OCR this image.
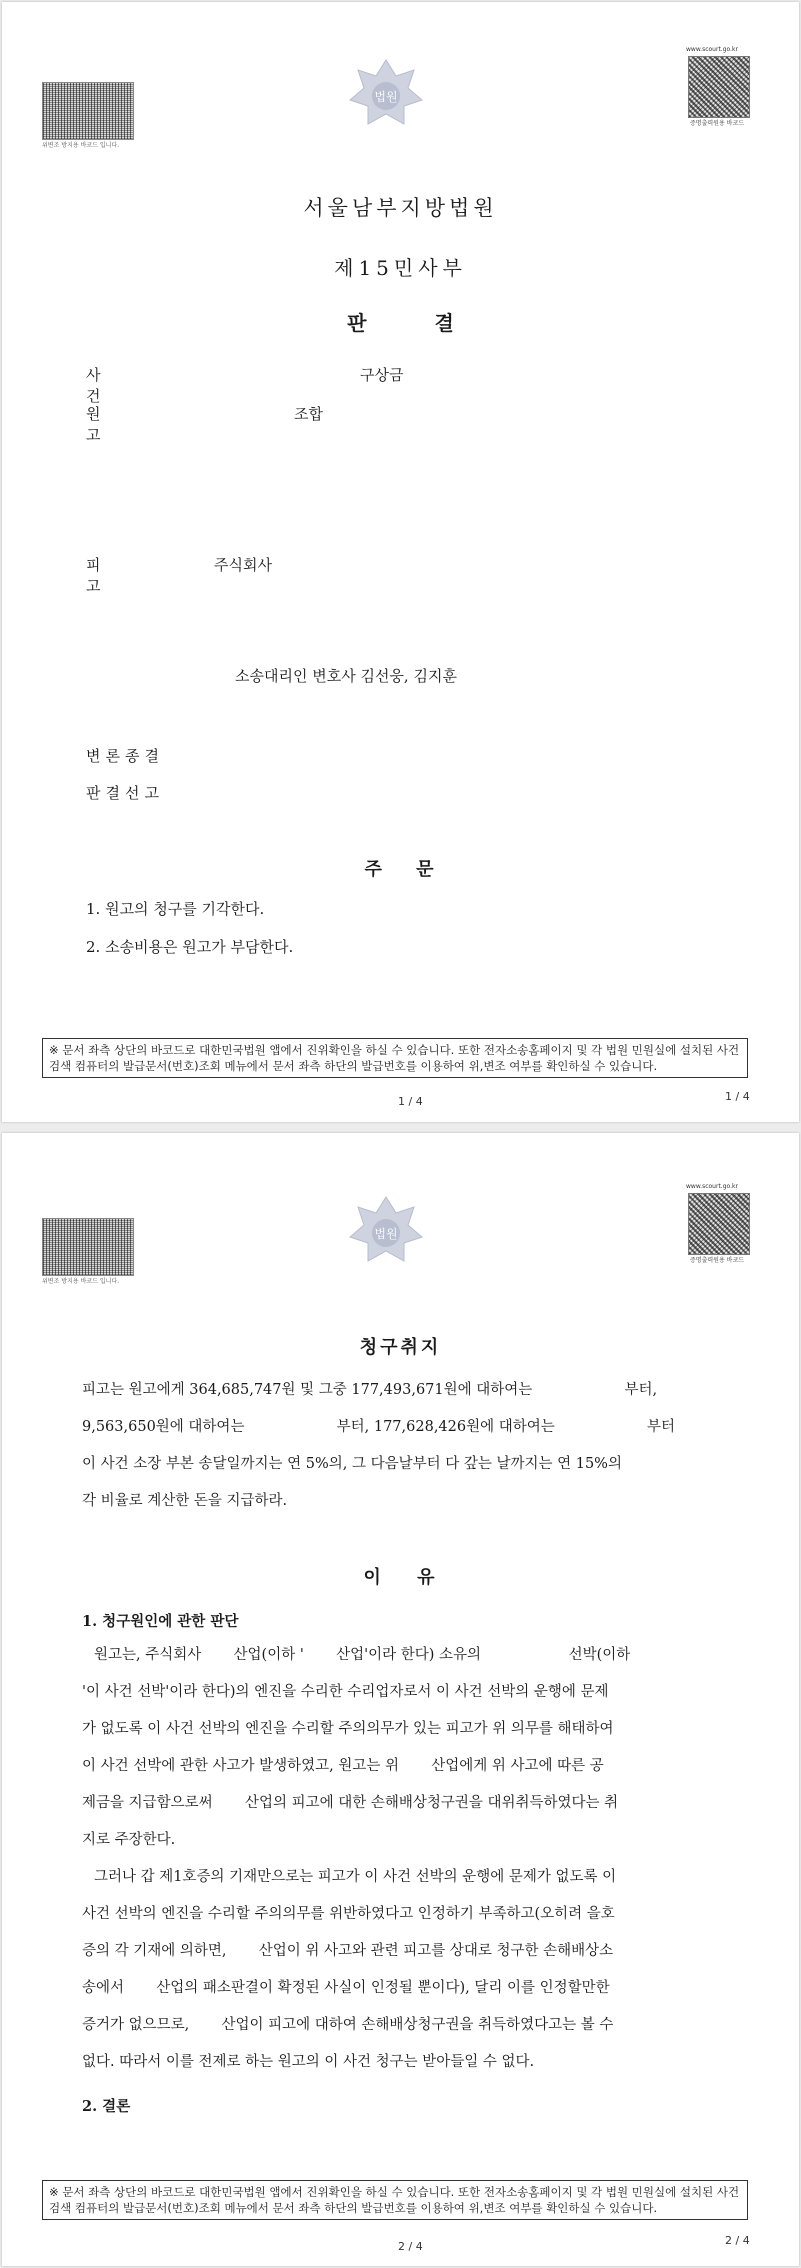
위변조 방지용 바코드 입니다.
법원
www.scourt.go.kr
증명출력원용 바코드
서울남부지방법원
제15민사부
판	결
사 건
구상금
원 고
조합
피 고
주식회사
소송대리인 변호사 김선웅, 김지훈
변론종결
판결선고
주 문
1. 원고의 청구를 기각한다.
2. 소송비용은 원고가 부담한다.
※ 문서 좌측 상단의 바코드로 대한민국법원 앱에서 진위확인을 하실 수 있습니다. 또한 전자소송홈페이지 및 각 법원 민원실에 설치된 사건검색 컴퓨터의 발급문서(번호)조회 메뉴에서 문서 좌측 하단의 발급번호를 이용하여 위,변조 여부를 확인하실 수 있습니다.
1 / 4	1 / 4
위변조 방지용 바코드 입니다.
법원
www.scourt.go.kr
증명출력원용 바코드
청구취지

피고는 원고에게 364,685,747원 및 그중 177,493,671원에 대하여는                    부터,

9,563,650원에 대하여는                    부터, 177,628,426원에 대하여는                    부터

이 사건 소장 부본 송달일까지는 연 5%의, 그 다음날부터 다 갚는 날까지는 연 15%의

각 비율로 계산한 돈을 지급하라.

이 유
1. 청구원인에 관한 판단

원고는, 주식회사       산업(이하 '       산업'이라 한다) 소유의                   선박(이하

'이 사건 선박'이라 한다)의 엔진을 수리한 수리업자로서 이 사건 선박의 운행에 문제

가 없도록 이 사건 선박의 엔진을 수리할 주의의무가 있는 피고가 위 의무를 해태하여

이 사건 선박에 관한 사고가 발생하였고, 원고는 위       산업에게 위 사고에 따른 공

제금을 지급함으로써       산업의 피고에 대한 손해배상청구권을 대위취득하였다는 취

지로 주장한다.

그러나 갑 제1호증의 기재만으로는 피고가 이 사건 선박의 운행에 문제가 없도록 이

사건 선박의 엔진을 수리할 주의의무를 위반하였다고 인정하기 부족하고(오히려 을호

증의 각 기재에 의하면,       산업이 위 사고와 관련 피고를 상대로 청구한 손해배상소

송에서       산업의 패소판결이 확정된 사실이 인정될 뿐이다), 달리 이를 인정할만한

증거가 없으므로,       산업이 피고에 대하여 손해배상청구권을 취득하였다고는 볼 수

없다. 따라서 이를 전제로 하는 원고의 이 사건 청구는 받아들일 수 없다.

2. 결론
※ 문서 좌측 상단의 바코드로 대한민국법원 앱에서 진위확인을 하실 수 있습니다. 또한 전자소송홈페이지 및 각 법원 민원실에 설치된 사건검색 컴퓨터의 발급문서(번호)조회 메뉴에서 문서 좌측 하단의 발급번호를 이용하여 위,변조 여부를 확인하실 수 있습니다.
2 / 4	2 / 4
